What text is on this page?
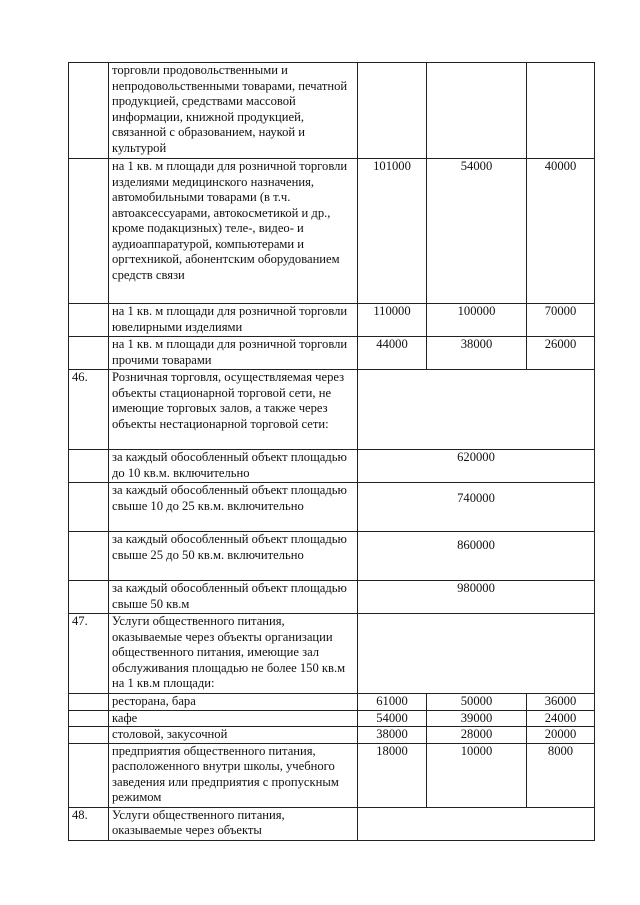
	торговли продовольственными и непродовольственными товарами, печатной продукцией, средствами массовой информации, книжной продукцией, связанной с образованием, наукой и культурой			
	на 1 кв. м площади для розничной торговли изделиями медицинского назначения, автомобильными товарами (в т.ч. автоаксессуарами, автокосметикой и др., кроме подакцизных) теле-, видео- и аудиоаппаратурой, компьютерами и оргтехникой, абонентским оборудованием средств связи	101000	54000	40000
	на 1 кв. м площади для розничной торговли ювелирными изделиями	110000	100000	70000
	на 1 кв. м площади для розничной торговли прочими товарами	44000	38000	26000
46.	Розничная торговля, осуществляемая через объекты стационарной торговой сети, не имеющие торговых залов, а также через объекты нестационарной торговой сети:			
	за каждый обособленный объект площадью до 10 кв.м. включительно	620000		
	за каждый обособленный объект площадью свыше 10 до 25 кв.м. включительно	740000		
	за каждый обособленный объект площадью свыше 25 до 50 кв.м. включительно	860000		
	за каждый обособленный объект площадью свыше 50 кв.м	980000		
47.	Услуги общественного питания, оказываемые через объекты организации общественного питания, имеющие зал обслуживания площадью не более 150 кв.м на 1 кв.м площади:			
	ресторана, бара	61000	50000	36000
	кафе	54000	39000	24000
	столовой, закусочной	38000	28000	20000
	предприятия общественного питания, расположенного внутри школы, учебного заведения или предприятия с пропускным режимом	18000	10000	8000
48.	Услуги общественного питания, оказываемые через объекты			
